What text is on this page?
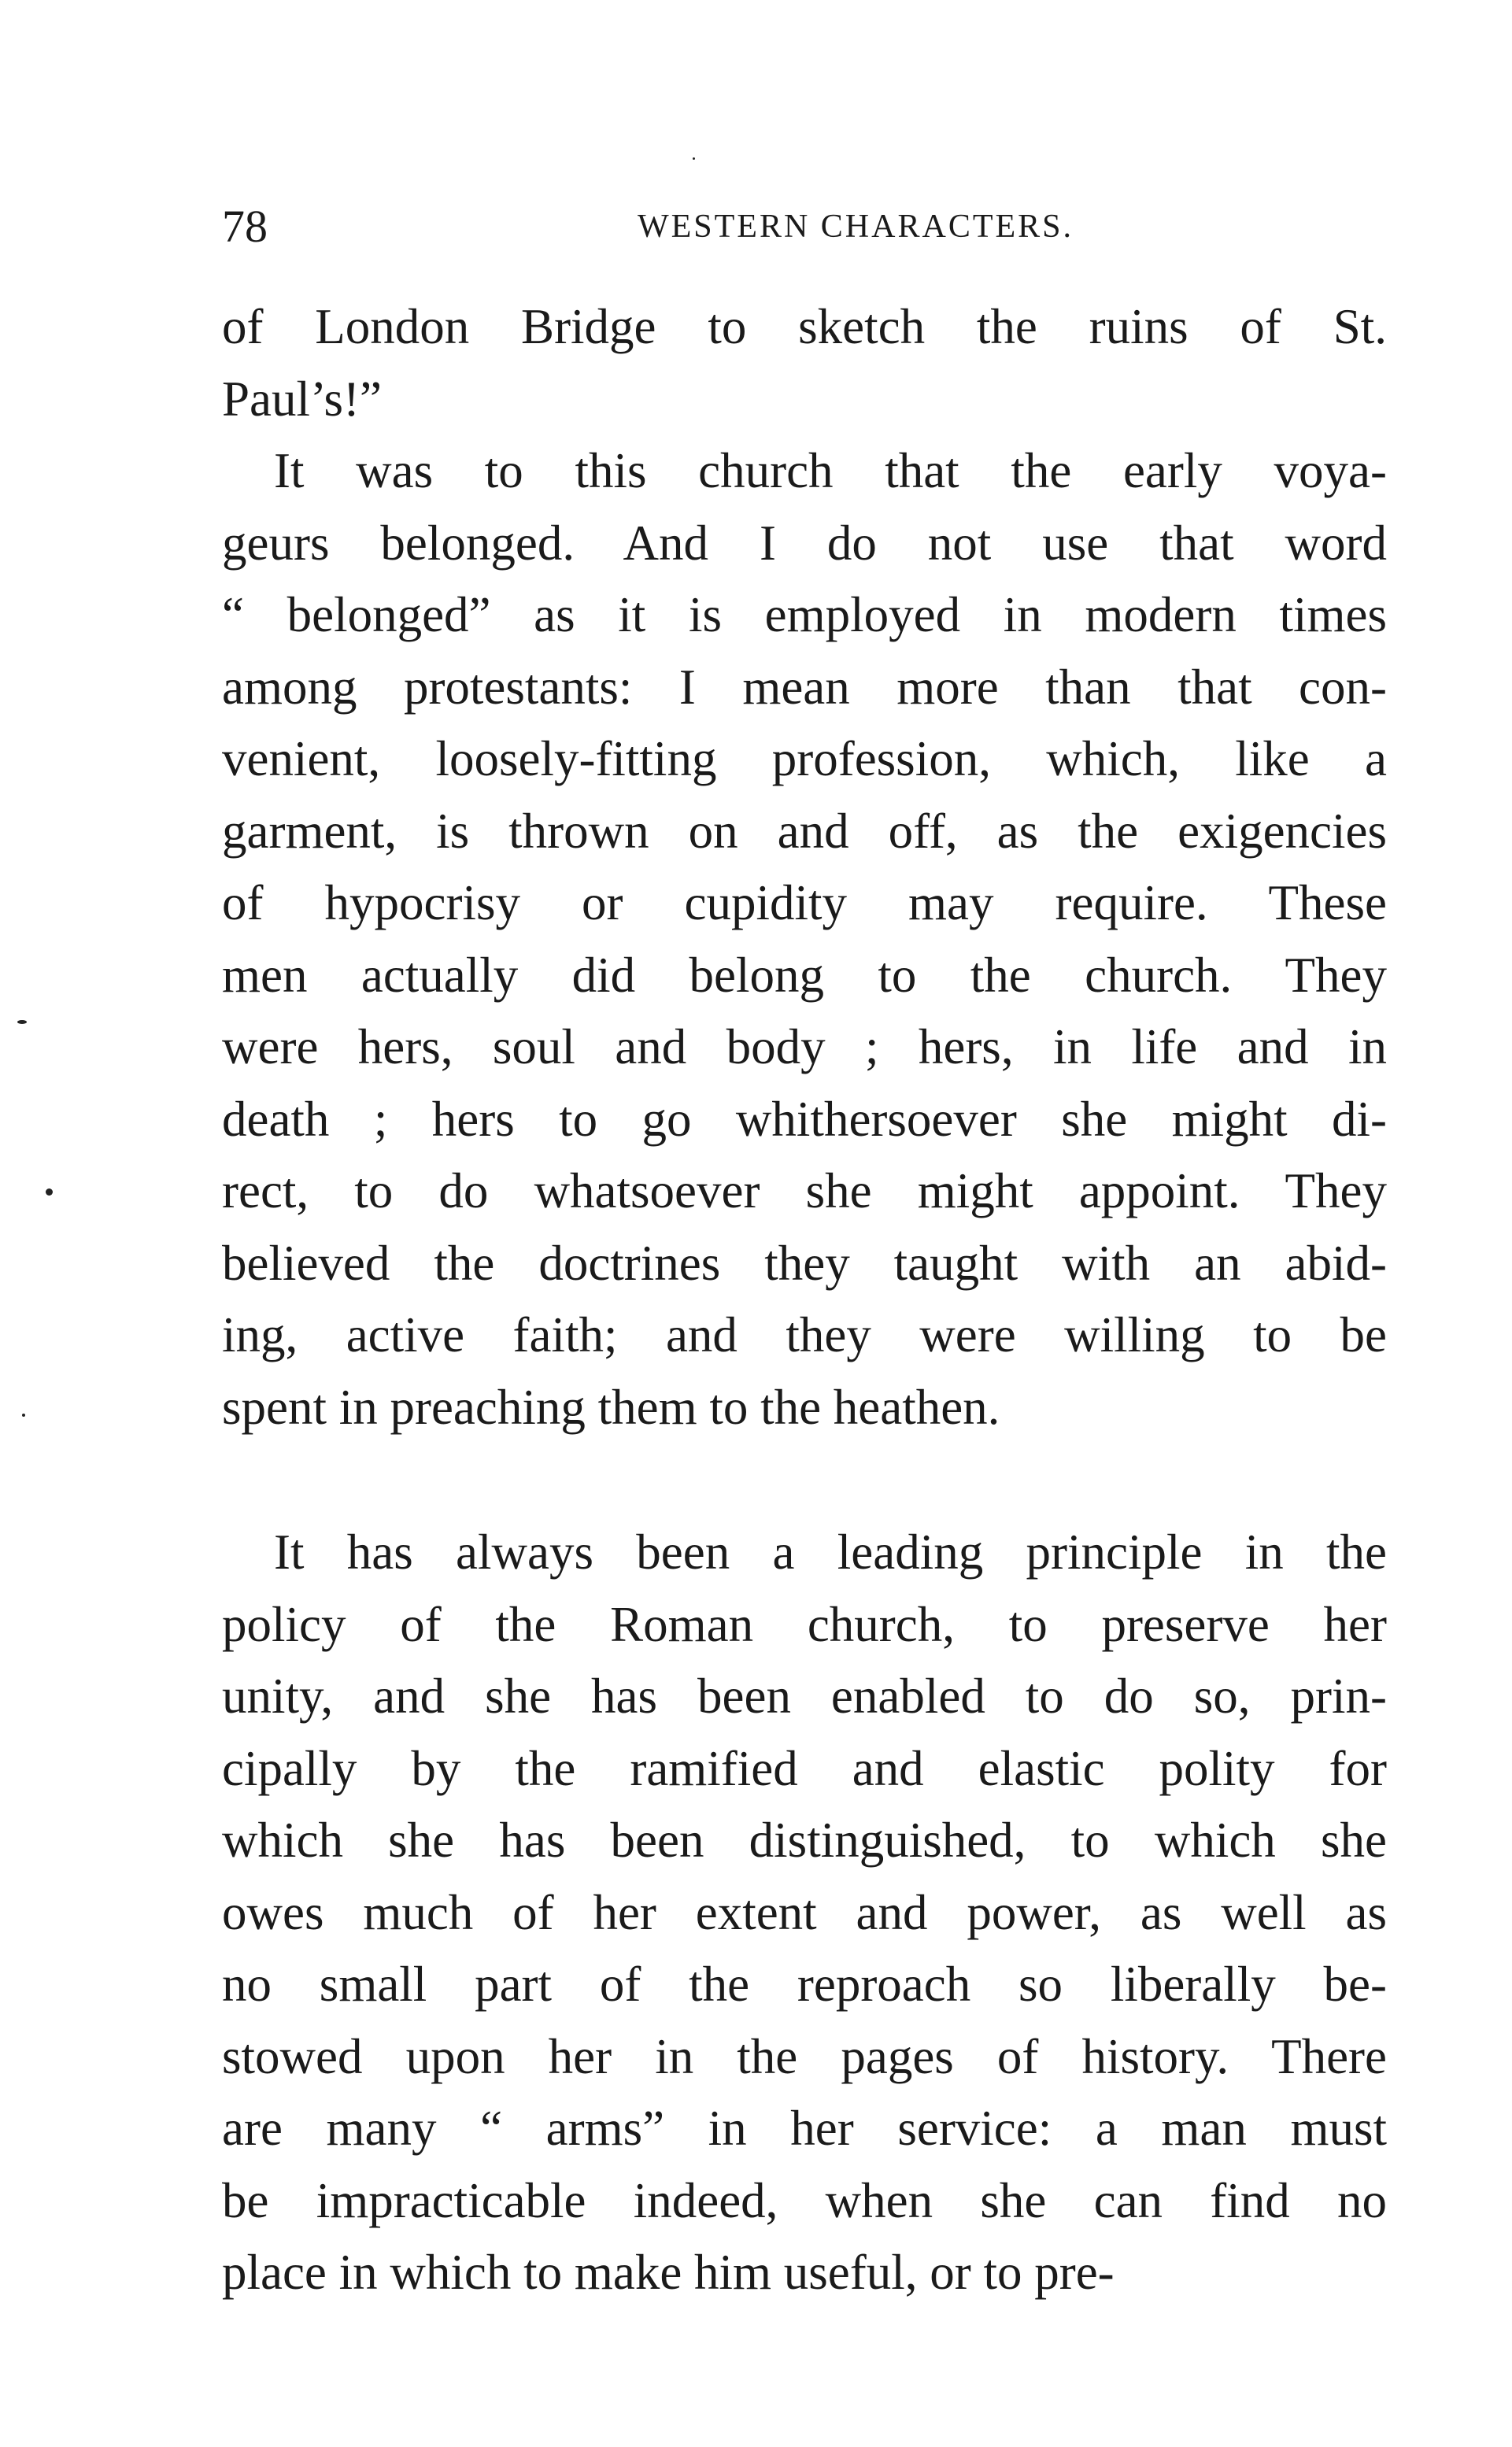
78	WESTERN CHARACTERS.
of London Bridge to sketch the ruins of St.
Paul’s!”
It was to this church that the early voya-
geurs belonged. And I do not use that word
“ belonged” as it is employed in modern times
among protestants: I mean more than that con-
venient, loosely-fitting profession, which, like a
garment, is thrown on and off, as the exigencies
of hypocrisy or cupidity may require. These
men actually did belong to the church. They
were hers, soul and body ; hers, in life and in
death ; hers to go whithersoever she might di-
rect, to do whatsoever she might appoint. They
believed the doctrines they taught with an abid-
ing, active faith; and they were willing to be
spent in preaching them to the heathen.
It has always been a leading principle in the
policy of the Roman church, to preserve her
unity, and she has been enabled to do so, prin-
cipally by the ramified and elastic polity for
which she has been distinguished, to which she
owes much of her extent and power, as well as
no small part of the reproach so liberally be-
stowed upon her in the pages of history. There
are many “ arms” in her service: a man must
be impracticable indeed, when she can find no
place in which to make him useful, or to pre-
